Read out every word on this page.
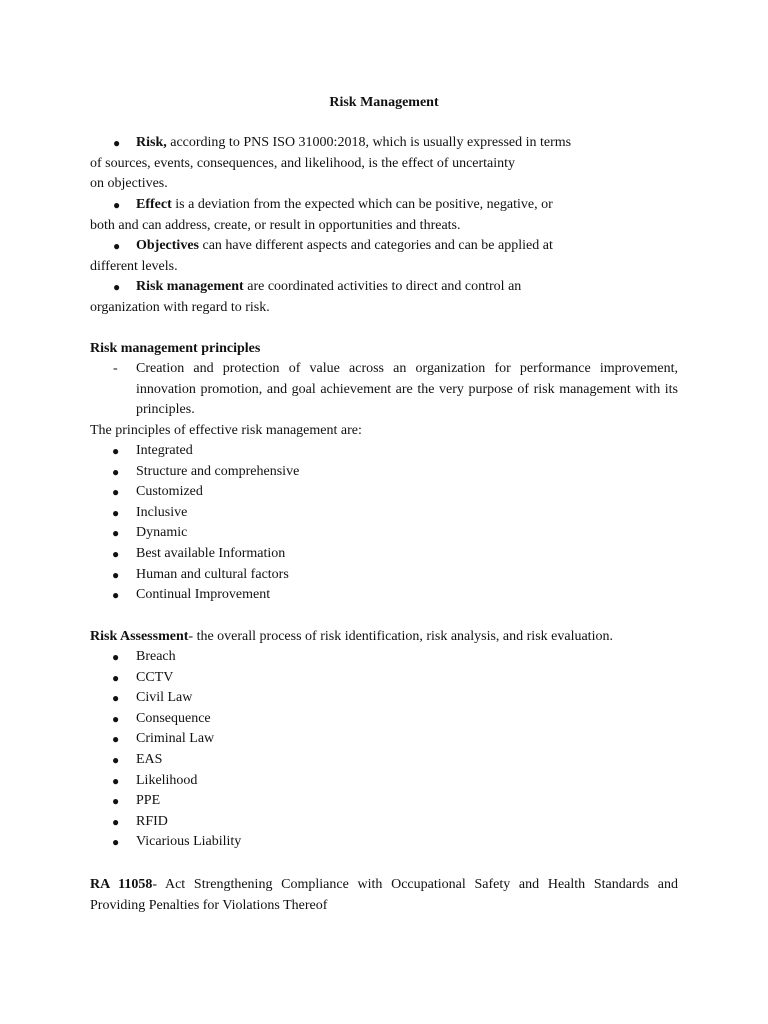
Risk Management

● Risk, according to PNS ISO 31000:2018, which is usually expressed in terms

of sources, events, consequences, and likelihood, is the effect of uncertainty

on objectives.

● Effect is a deviation from the expected which can be positive, negative, or

both and can address, create, or result in opportunities and threats.

● Objectives can have different aspects and categories and can be applied at

different levels.

● Risk management are coordinated activities to direct and control an

organization with regard to risk.

Risk management principles
- Creation and protection of value across an organization for performance improvement, innovation promotion, and goal achievement are the very purpose of risk management with its principles.
The principles of effective risk management are:
● Integrated
● Structure and comprehensive
● Customized
● Inclusive
● Dynamic
● Best available Information
● Human and cultural factors
● Continual Improvement
Risk Assessment- the overall process of risk identification, risk analysis, and risk evaluation.
● Breach
● CCTV
● Civil Law
● Consequence
● Criminal Law
● EAS
● Likelihood
● PPE
● RFID
● Vicarious Liability
RA 11058- Act Strengthening Compliance with Occupational Safety and Health Standards and
Providing Penalties for Violations Thereof
